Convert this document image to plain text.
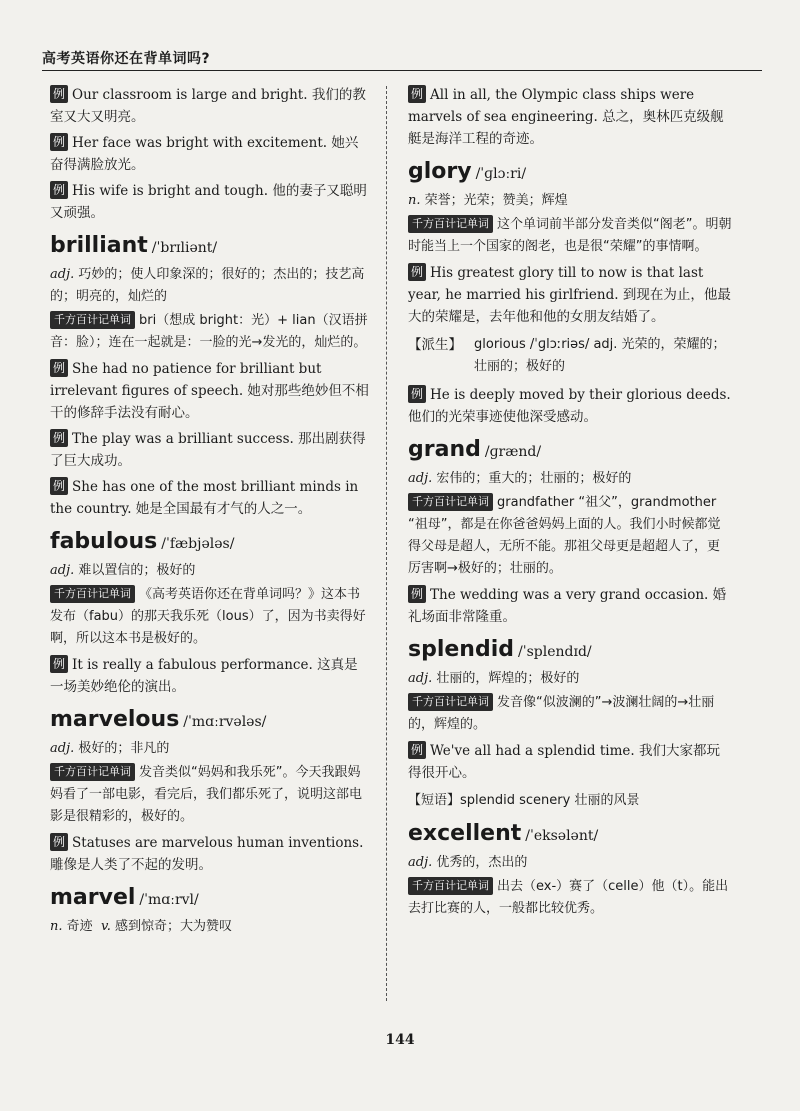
高考英语你还在背单词吗?
例 Our classroom is large and bright. 我们的教室又大又明亮。
例 Her face was bright with excitement. 她兴奋得满脸放光。
例 His wife is bright and tough. 他的妻子又聪明又顽强。
brilliant /ˈbrɪliənt/
adj. 巧妙的；使人印象深的；很好的；杰出的；技艺高的；明亮的，灿烂的
千方百计记单词 bri（想成 bright：光）+ lian（汉语拼音：脸）；连在一起就是：一脸的光→发光的，灿烂的。
例 She had no patience for brilliant but irrelevant figures of speech. 她对那些绝妙但不相干的修辞手法没有耐心。
例 The play was a brilliant success. 那出剧获得了巨大成功。
例 She has one of the most brilliant minds in the country. 她是全国最有才气的人之一。
fabulous /ˈfæbjələs/
adj. 难以置信的；极好的
千方百计记单词 《高考英语你还在背单词吗？》这本书发布（fabu）的那天我乐死（lous）了，因为书卖得好啊，所以这本书是极好的。
例 It is really a fabulous performance. 这真是一场美妙绝伦的演出。
marvelous /ˈmɑːrvələs/
adj. 极好的；非凡的
千方百计记单词 发音类似“妈妈和我乐死”。今天我跟妈妈看了一部电影，看完后，我们都乐死了，说明这部电影是很精彩的，极好的。
例 Statuses are marvelous human inventions. 雕像是人类了不起的发明。
marvel /ˈmɑːrvl/
n. 奇迹 v. 感到惊奇；大为赞叹
例 All in all, the Olympic class ships were marvels of sea engineering. 总之，奥林匹克级舰艇是海洋工程的奇迹。
glory /ˈɡlɔːri/
n. 荣誉；光荣；赞美；辉煌
千方百计记单词 这个单词前半部分发音类似“阁老”。明朝时能当上一个国家的阁老，也是很“荣耀”的事情啊。
例 His greatest glory till to now is that last year, he married his girlfriend. 到现在为止，他最大的荣耀是，去年他和他的女朋友结婚了。
【派生】 glorious /ˈɡlɔːriəs/ adj. 光荣的，荣耀的；壮丽的；极好的
例 He is deeply moved by their glorious deeds. 他们的光荣事迹使他深受感动。
grand /ɡrænd/
adj. 宏伟的；重大的；壮丽的；极好的
千方百计记单词 grandfather “祖父”，grandmother “祖母”，都是在你爸爸妈妈上面的人。我们小时候都觉得父母是超人，无所不能。那祖父母更是超超人了，更厉害啊→极好的；壮丽的。
例 The wedding was a very grand occasion. 婚礼场面非常隆重。
splendid /ˈsplendɪd/
adj. 壮丽的，辉煌的；极好的
千方百计记单词 发音像“似波澜的”→波澜壮阔的→壮丽的，辉煌的。
例 We've all had a splendid time. 我们大家都玩得很开心。
【短语】splendid scenery 壮丽的风景
excellent /ˈeksələnt/
adj. 优秀的，杰出的
千方百计记单词 出去（ex-）赛了（celle）他（t）。能出去打比赛的人，一般都比较优秀。
144
